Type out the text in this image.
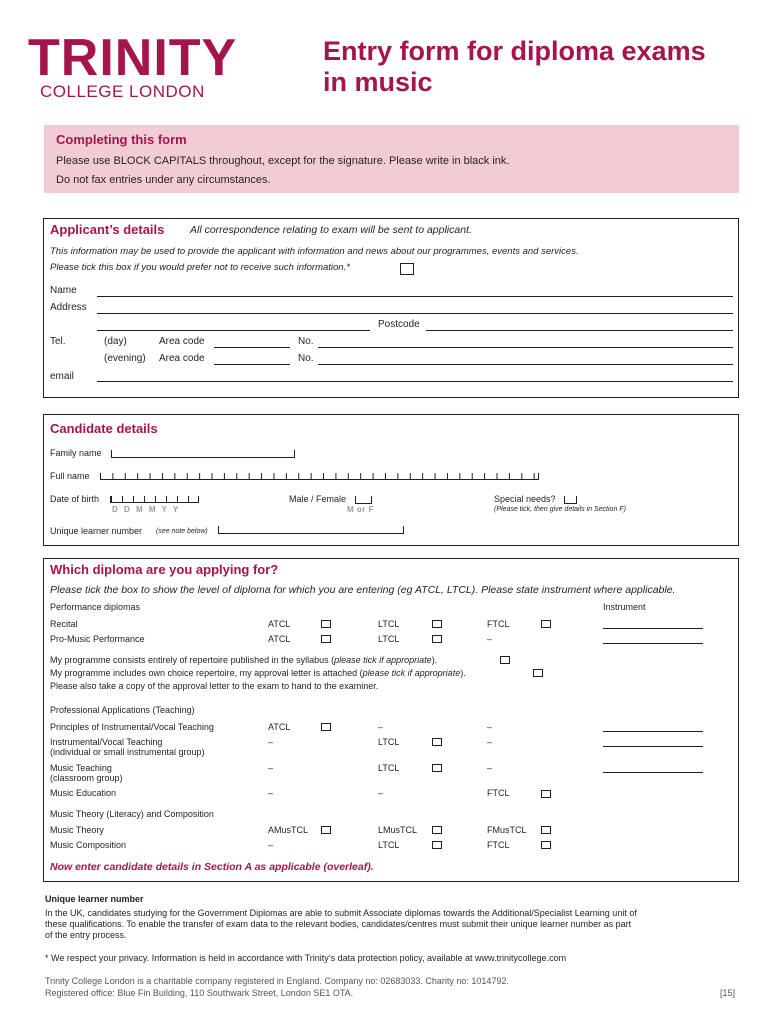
TRINITY
COLLEGE LONDON
Entry form for diploma exams
in music
Completing this form
Please use BLOCK CAPITALS throughout, except for the signature. Please write in black ink.
Do not fax entries under any circumstances.
Applicant’s details All correspondence relating to exam will be sent to applicant.
This information may be used to provide the applicant with information and news about our programmes, events and services.
Please tick this box if you would prefer not to receive such information.*
Name
Address
Postcode
Tel.	(day)	Area code	No.
(evening) Area code	No.
email
Candidate details
Family name
Full name
Date of birth
D D M M Y Y
Male / Female
M or F
Special needs?
(Please tick, then give details in Section F)
Unique learner number (see note below)
Which diploma are you applying for?
Please tick the box to show the level of diploma for which you are entering (eg ATCL, LTCL). Please state instrument where applicable.
Performance diplomas	Instrument
Recital	ATCL	LTCL	FTCL
Pro-Music Performance	ATCL	LTCL	–
My programme consists entirely of repertoire published in the syllabus (please tick if appropriate).
My programme includes own choice repertoire, my approval letter is attached (please tick if appropriate).
Please also take a copy of the approval letter to the exam to hand to the examiner.
Professional Applications (Teaching)
Principles of Instrumental/Vocal Teaching	ATCL	–	–
Instrumental/Vocal Teaching
(individual or small instrumental group)
–	LTCL	–
Music Teaching
(classroom group)
–	LTCL	–
Music Education	–	–	FTCL
Music Theory (Literacy) and Composition
Music Theory	AMusTCL	LMusTCL	FMusTCL
Music Composition	–	LTCL	FTCL
Now enter candidate details in Section A as applicable (overleaf).
Unique learner number
In the UK, candidates studying for the Government Diplomas are able to submit Associate diplomas towards the Additional/Specialist Learning unit of
these qualifications. To enable the transfer of exam data to the relevant bodies, candidates/centres must submit their unique learner number as part
of the entry process.
* We respect your privacy. Information is held in accordance with Trinity’s data protection policy, available at www.trinitycollege.com
Trinity College London is a charitable company registered in England. Company no: 02683033. Charity no: 1014792.
Registered office: Blue Fin Building, 110 Southwark Street, London SE1 OTA.	[15]
